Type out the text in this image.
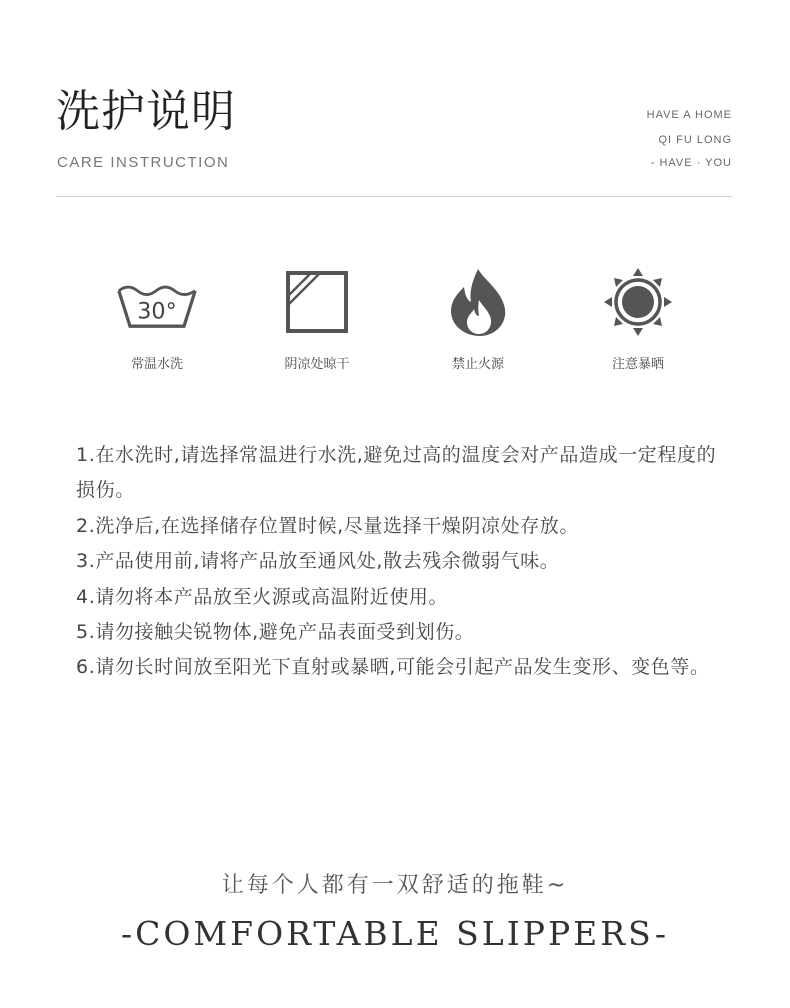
洗护说明
CARE INSTRUCTION
HAVE A HOME
QI FU LONG
- HAVE · YOU
30°
常温水洗	阴凉处晾干	禁止火源	注意暴晒

1.在水洗时,请选择常温进行水洗,避免过高的温度会对产品造成一定程度的损伤。

2.洗净后,在选择储存位置时候,尽量选择干燥阴凉处存放。

3.产品使用前,请将产品放至通风处,散去残余微弱气味。

4.请勿将本产品放至火源或高温附近使用。

5.请勿接触尖锐物体,避免产品表面受到划伤。

6.请勿长时间放至阳光下直射或暴晒,可能会引起产品发生变形、变色等。

让每个人都有一双舒适的拖鞋~
-COMFORTABLE SLIPPERS-
